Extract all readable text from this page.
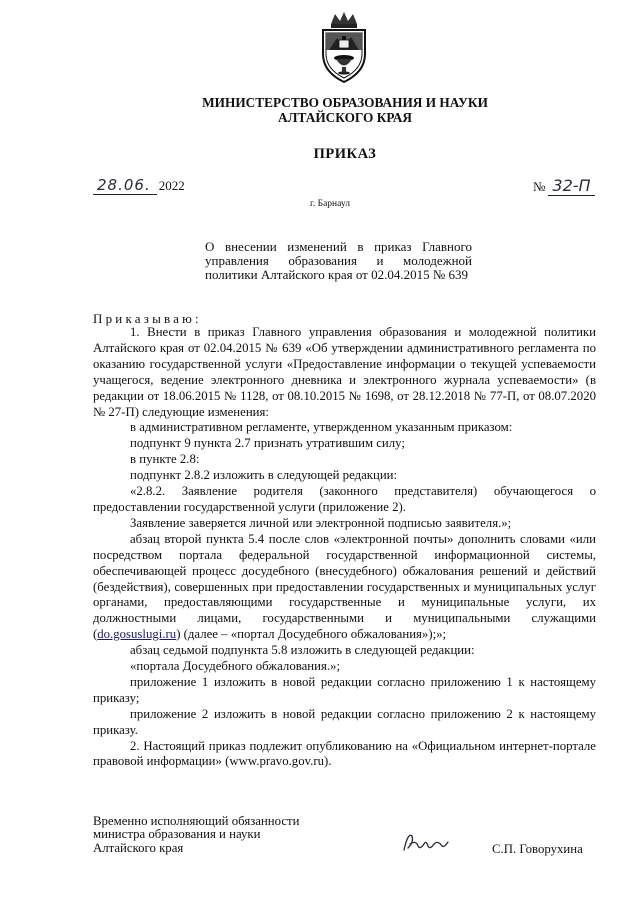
МИНИСТЕРСТВО ОБРАЗОВАНИЯ И НАУКИ
АЛТАЙСКОГО КРАЯ
ПРИКАЗ
28.06. 2022	№ 32-П
г. Барнаул
О внесении изменений в приказ Главного управления образования и молодежной политики Алтайского края от 02.04.2015 № 639
Приказываю:

1. Внести в приказ Главного управления образования и молодежной политики Алтайского края от 02.04.2015 № 639 «Об утверждении административного регламента по оказанию государственной услуги «Предоставление информации о текущей успеваемости учащегося, ведение электронного дневника и электронного журнала успеваемости» (в редакции от 18.06.2015 № 1128, от 08.10.2015 № 1698, от 28.12.2018 № 77-П, от 08.07.2020 № 27-П) следующие изменения:

в административном регламенте, утвержденном указанным приказом:

подпункт 9 пункта 2.7 признать утратившим силу;

в пункте 2.8:

подпункт 2.8.2 изложить в следующей редакции:

«2.8.2. Заявление родителя (законного представителя) обучающегося о предоставлении государственной услуги (приложение 2).

Заявление заверяется личной или электронной подписью заявителя.»;

абзац второй пункта 5.4 после слов «электронной почты» дополнить словами «или посредством портала федеральной государственной информационной системы, обеспечивающей процесс досудебного (внесудебного) обжалования решений и действий (бездействия), совершенных при предоставлении государственных и муниципальных услуг органами, предоставляющими государственные и муниципальные услуги, их должностными лицами, государственными и муниципальными служащими (do.gosuslugi.ru) (далее – «портал Досудебного обжалования»);»;

абзац седьмой подпункта 5.8 изложить в следующей редакции:

«портала Досудебного обжалования.»;

приложение 1 изложить в новой редакции согласно приложению 1 к настоящему приказу;

приложение 2 изложить в новой редакции согласно приложению 2 к настоящему приказу.

2. Настоящий приказ подлежит опубликованию на «Официальном интернет-портале правовой информации» (www.pravo.gov.ru).

Временно исполняющий обязанности
министра образования и науки
Алтайского края	С.П. Говорухина
